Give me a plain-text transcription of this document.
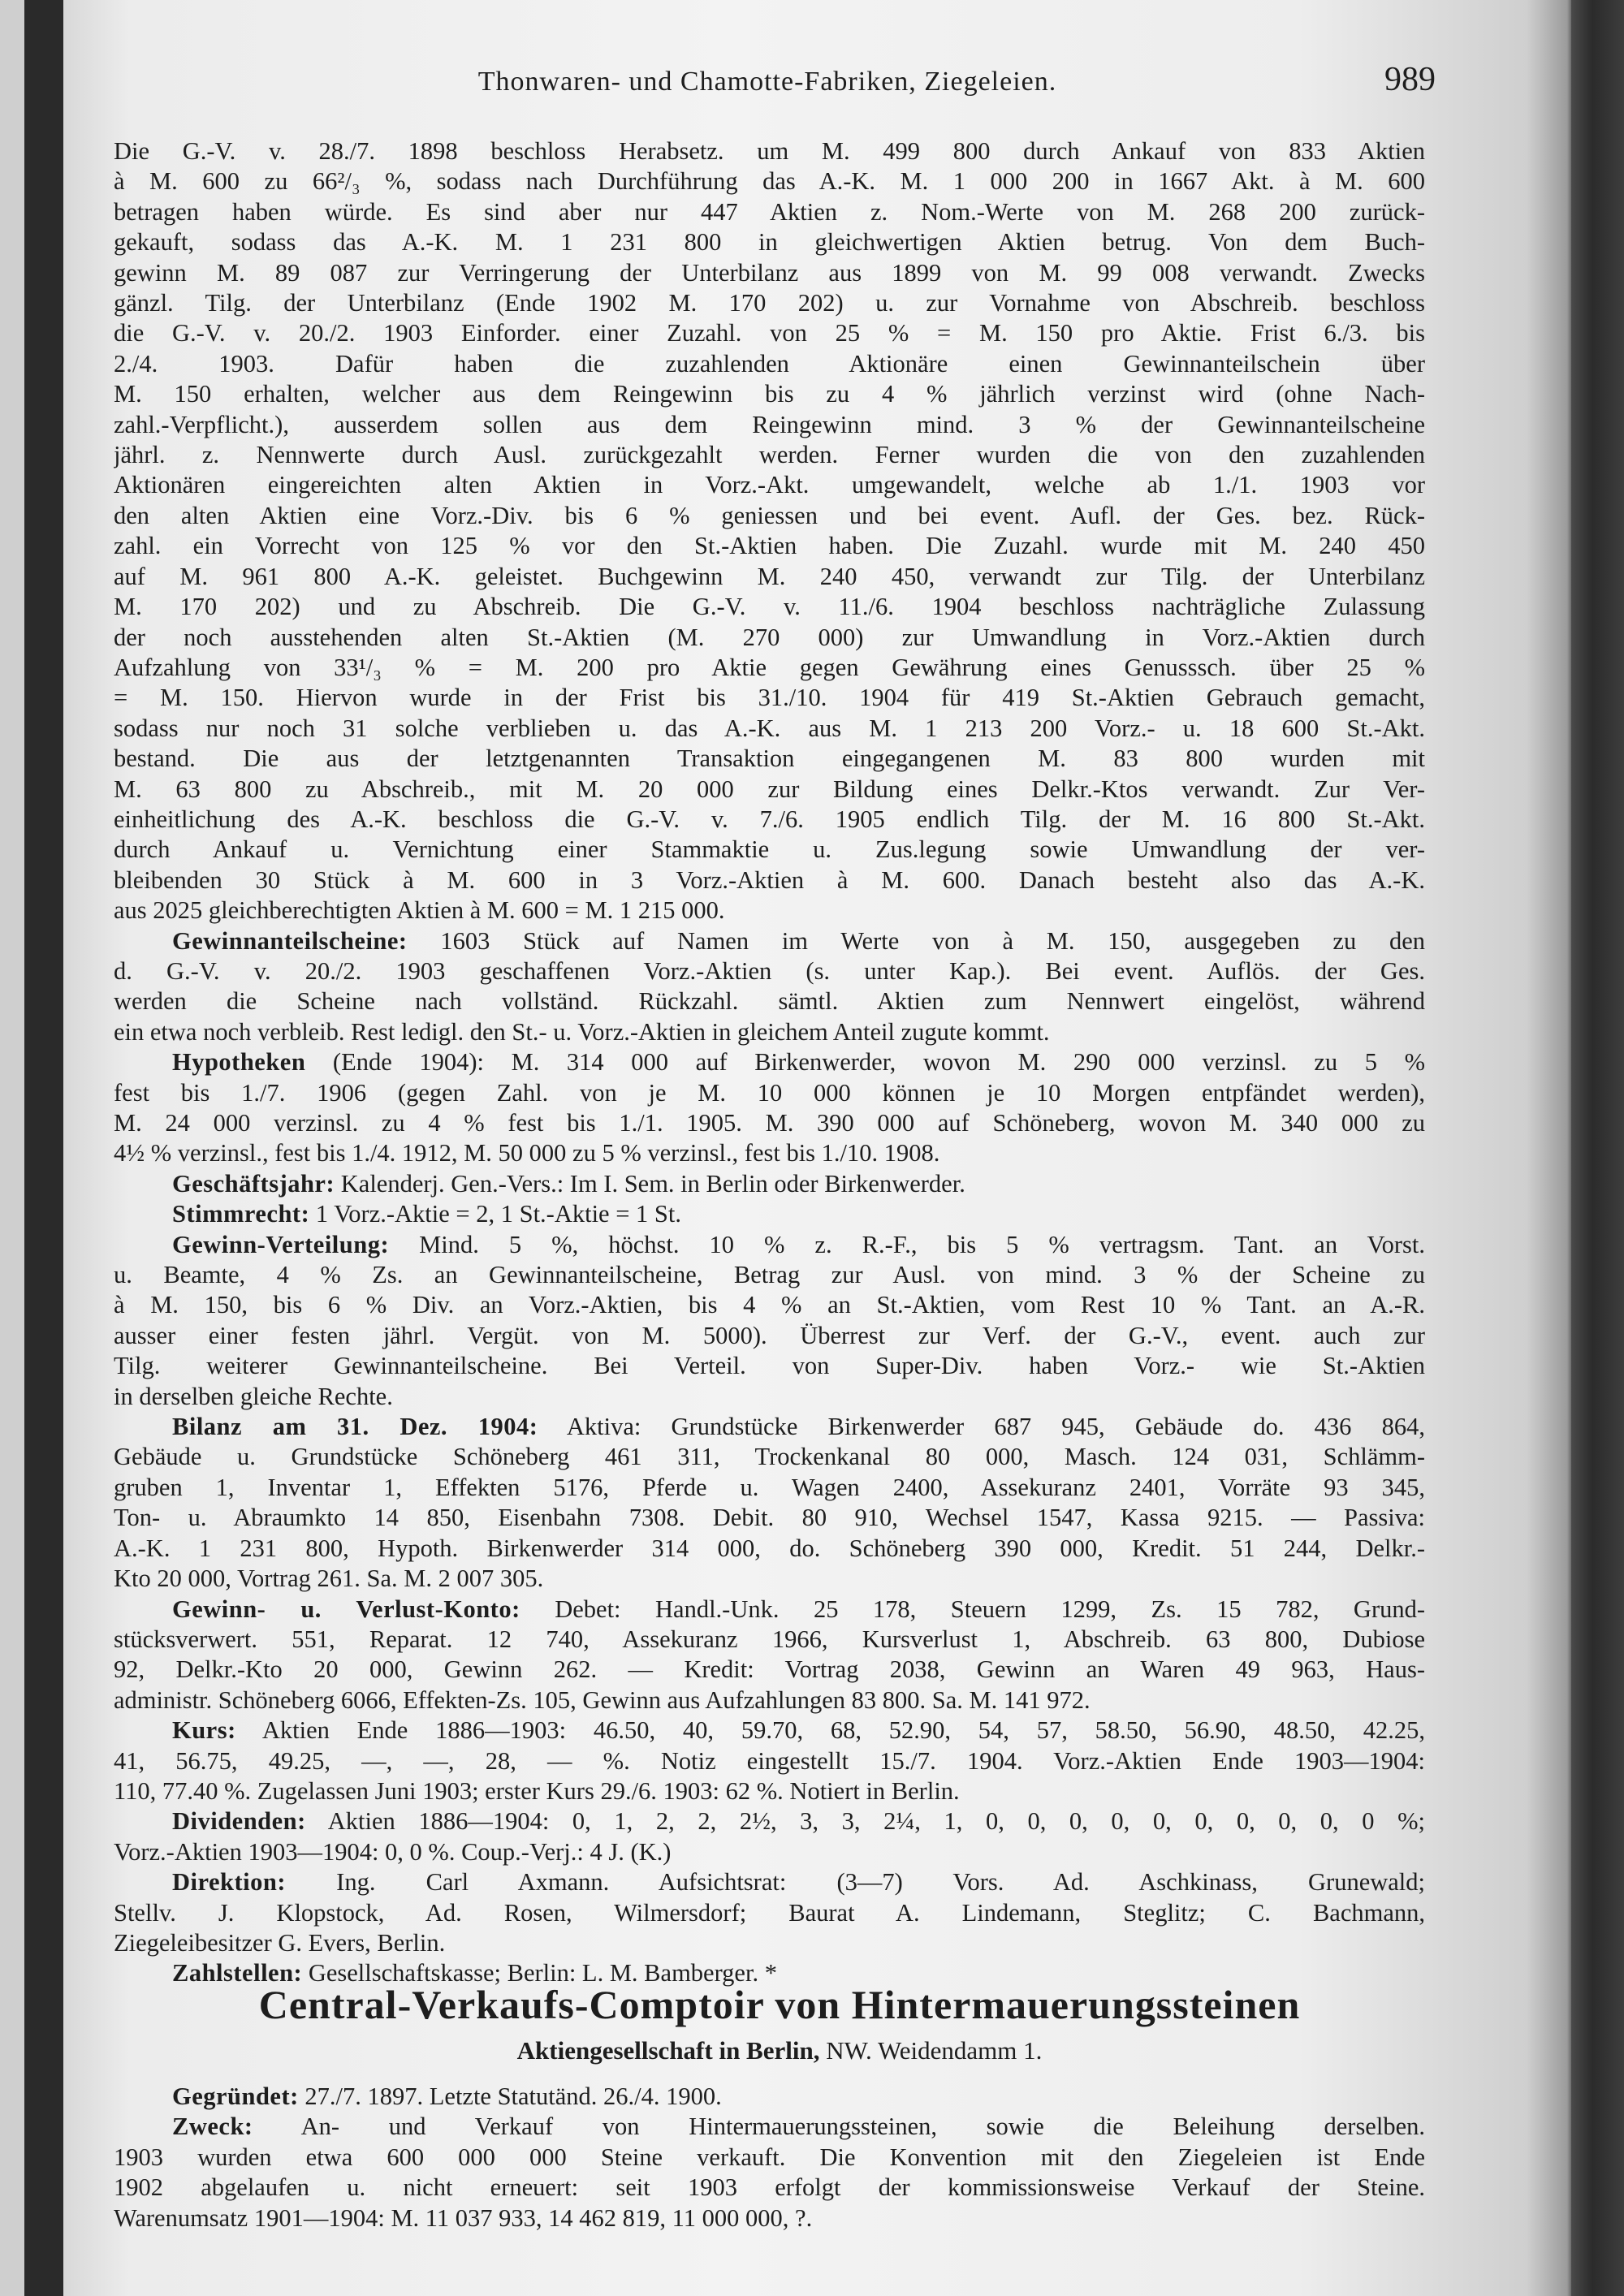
Thonwaren- und Chamotte-Fabriken, Ziegeleien.	989
Die G.-V. v. 28./7. 1898 beschloss Herabsetz. um M. 499 800 durch Ankauf von 833 Aktien
à M. 600 zu 66²/₃ %, sodass nach Durchführung das A.-K. M. 1 000 200 in 1667 Akt. à M. 600
betragen haben würde. Es sind aber nur 447 Aktien z. Nom.-Werte von M. 268 200 zurück-
gekauft, sodass das A.-K. M. 1 231 800 in gleichwertigen Aktien betrug. Von dem Buch-
gewinn M. 89 087 zur Verringerung der Unterbilanz aus 1899 von M. 99 008 verwandt. Zwecks
gänzl. Tilg. der Unterbilanz (Ende 1902 M. 170 202) u. zur Vornahme von Abschreib. beschloss
die G.-V. v. 20./2. 1903 Einforder. einer Zuzahl. von 25 % = M. 150 pro Aktie. Frist 6./3. bis
2./4. 1903. Dafür haben die zuzahlenden Aktionäre einen Gewinnanteilschein über
M. 150 erhalten, welcher aus dem Reingewinn bis zu 4 % jährlich verzinst wird (ohne Nach-
zahl.-Verpflicht.), ausserdem sollen aus dem Reingewinn mind. 3 % der Gewinnanteilscheine
jährl. z. Nennwerte durch Ausl. zurückgezahlt werden. Ferner wurden die von den zuzahlenden
Aktionären eingereichten alten Aktien in Vorz.-Akt. umgewandelt, welche ab 1./1. 1903 vor
den alten Aktien eine Vorz.-Div. bis 6 % geniessen und bei event. Aufl. der Ges. bez. Rück-
zahl. ein Vorrecht von 125 % vor den St.-Aktien haben. Die Zuzahl. wurde mit M. 240 450
auf M. 961 800 A.-K. geleistet. Buchgewinn M. 240 450, verwandt zur Tilg. der Unterbilanz
M. 170 202) und zu Abschreib. Die G.-V. v. 11./6. 1904 beschloss nachträgliche Zulassung
der noch ausstehenden alten St.-Aktien (M. 270 000) zur Umwandlung in Vorz.-Aktien durch
Aufzahlung von 33¹/₃ % = M. 200 pro Aktie gegen Gewährung eines Genusssch. über 25 %
= M. 150. Hiervon wurde in der Frist bis 31./10. 1904 für 419 St.-Aktien Gebrauch gemacht,
sodass nur noch 31 solche verblieben u. das A.-K. aus M. 1 213 200 Vorz.- u. 18 600 St.-Akt.
bestand. Die aus der letztgenannten Transaktion eingegangenen M. 83 800 wurden mit
M. 63 800 zu Abschreib., mit M. 20 000 zur Bildung eines Delkr.-Ktos verwandt. Zur Ver-
einheitlichung des A.-K. beschloss die G.-V. v. 7./6. 1905 endlich Tilg. der M. 16 800 St.-Akt.
durch Ankauf u. Vernichtung einer Stammaktie u. Zus.legung sowie Umwandlung der ver-
bleibenden 30 Stück à M. 600 in 3 Vorz.-Aktien à M. 600. Danach besteht also das A.-K.
aus 2025 gleichberechtigten Aktien à M. 600 = M. 1 215 000.
Gewinnanteilscheine: 1603 Stück auf Namen im Werte von à M. 150, ausgegeben zu den
d. G.-V. v. 20./2. 1903 geschaffenen Vorz.-Aktien (s. unter Kap.). Bei event. Auflös. der Ges.
werden die Scheine nach vollständ. Rückzahl. sämtl. Aktien zum Nennwert eingelöst, während
ein etwa noch verbleib. Rest ledigl. den St.- u. Vorz.-Aktien in gleichem Anteil zugute kommt.
Hypotheken (Ende 1904): M. 314 000 auf Birkenwerder, wovon M. 290 000 verzinsl. zu 5 %
fest bis 1./7. 1906 (gegen Zahl. von je M. 10 000 können je 10 Morgen entpfändet werden),
M. 24 000 verzinsl. zu 4 % fest bis 1./1. 1905. M. 390 000 auf Schöneberg, wovon M. 340 000 zu
4½ % verzinsl., fest bis 1./4. 1912, M. 50 000 zu 5 % verzinsl., fest bis 1./10. 1908.
Geschäftsjahr: Kalenderj. Gen.-Vers.: Im I. Sem. in Berlin oder Birkenwerder.
Stimmrecht: 1 Vorz.-Aktie = 2, 1 St.-Aktie = 1 St.
Gewinn-Verteilung: Mind. 5 %, höchst. 10 % z. R.-F., bis 5 % vertragsm. Tant. an Vorst.
u. Beamte, 4 % Zs. an Gewinnanteilscheine, Betrag zur Ausl. von mind. 3 % der Scheine zu
à M. 150, bis 6 % Div. an Vorz.-Aktien, bis 4 % an St.-Aktien, vom Rest 10 % Tant. an A.-R.
ausser einer festen jährl. Vergüt. von M. 5000). Überrest zur Verf. der G.-V., event. auch zur
Tilg. weiterer Gewinnanteilscheine. Bei Verteil. von Super-Div. haben Vorz.- wie St.-Aktien
in derselben gleiche Rechte.
Bilanz am 31. Dez. 1904: Aktiva: Grundstücke Birkenwerder 687 945, Gebäude do. 436 864,
Gebäude u. Grundstücke Schöneberg 461 311, Trockenkanal 80 000, Masch. 124 031, Schlämm-
gruben 1, Inventar 1, Effekten 5176, Pferde u. Wagen 2400, Assekuranz 2401, Vorräte 93 345,
Ton- u. Abraumkto 14 850, Eisenbahn 7308. Debit. 80 910, Wechsel 1547, Kassa 9215. — Passiva:
A.-K. 1 231 800, Hypoth. Birkenwerder 314 000, do. Schöneberg 390 000, Kredit. 51 244, Delkr.-
Kto 20 000, Vortrag 261. Sa. M. 2 007 305.
Gewinn- u. Verlust-Konto: Debet: Handl.-Unk. 25 178, Steuern 1299, Zs. 15 782, Grund-
stücksverwert. 551, Reparat. 12 740, Assekuranz 1966, Kursverlust 1, Abschreib. 63 800, Dubiose
92, Delkr.-Kto 20 000, Gewinn 262. — Kredit: Vortrag 2038, Gewinn an Waren 49 963, Haus-
administr. Schöneberg 6066, Effekten-Zs. 105, Gewinn aus Aufzahlungen 83 800. Sa. M. 141 972.
Kurs: Aktien Ende 1886—1903: 46.50, 40, 59.70, 68, 52.90, 54, 57, 58.50, 56.90, 48.50, 42.25,
41, 56.75, 49.25, —, —, 28, — %. Notiz eingestellt 15./7. 1904. Vorz.-Aktien Ende 1903—1904:
110, 77.40 %. Zugelassen Juni 1903; erster Kurs 29./6. 1903: 62 %. Notiert in Berlin.
Dividenden: Aktien 1886—1904: 0, 1, 2, 2, 2½, 3, 3, 2¼, 1, 0, 0, 0, 0, 0, 0, 0, 0, 0, 0 %;
Vorz.-Aktien 1903—1904: 0, 0 %. Coup.-Verj.: 4 J. (K.)
Direktion: Ing. Carl Axmann. Aufsichtsrat: (3—7) Vors. Ad. Aschkinass, Grunewald;
Stellv. J. Klopstock, Ad. Rosen, Wilmersdorf; Baurat A. Lindemann, Steglitz; C. Bachmann,
Ziegeleibesitzer G. Evers, Berlin.
Zahlstellen: Gesellschaftskasse; Berlin: L. M. Bamberger. *
Central-Verkaufs-Comptoir von Hintermauerungssteinen
Aktiengesellschaft in Berlin, NW. Weidendamm 1.
Gegründet: 27./7. 1897. Letzte Statutänd. 26./4. 1900.
Zweck: An- und Verkauf von Hintermauerungssteinen, sowie die Beleihung derselben.
1903 wurden etwa 600 000 000 Steine verkauft. Die Konvention mit den Ziegeleien ist Ende
1902 abgelaufen u. nicht erneuert: seit 1903 erfolgt der kommissionsweise Verkauf der Steine.
Warenumsatz 1901—1904: M. 11 037 933, 14 462 819, 11 000 000, ?.
